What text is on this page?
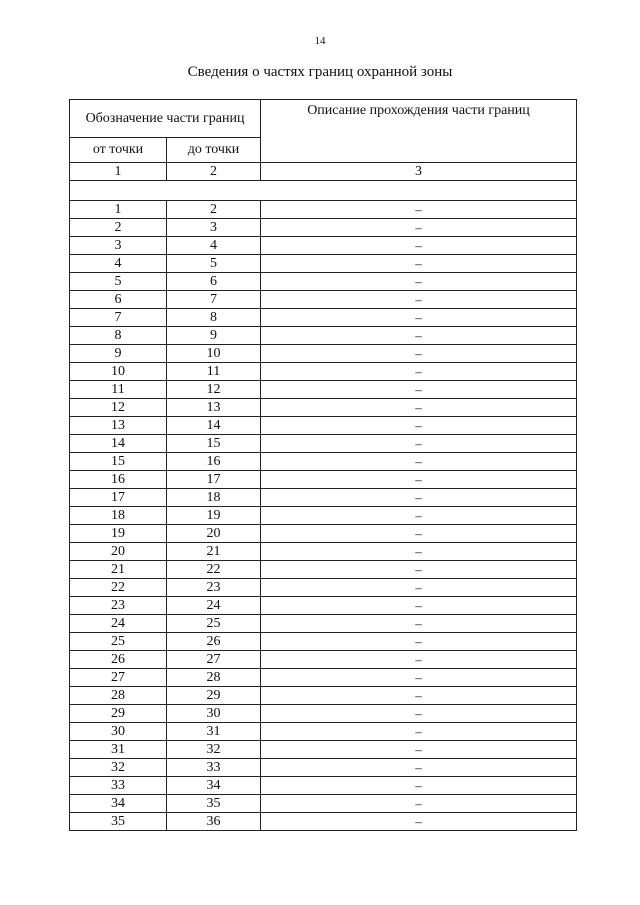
14
Сведения о частях границ охранной зоны
Обозначение части границ		Описание прохождения части границ
от точки	до точки	
1	2	3

1	2	–
2	3	–
3	4	–
4	5	–
5	6	–
6	7	–
7	8	–
8	9	–
9	10	–
10	11	–
11	12	–
12	13	–
13	14	–
14	15	–
15	16	–
16	17	–
17	18	–
18	19	–
19	20	–
20	21	–
21	22	–
22	23	–
23	24	–
24	25	–
25	26	–
26	27	–
27	28	–
28	29	–
29	30	–
30	31	–
31	32	–
32	33	–
33	34	–
34	35	–
35	36	–
